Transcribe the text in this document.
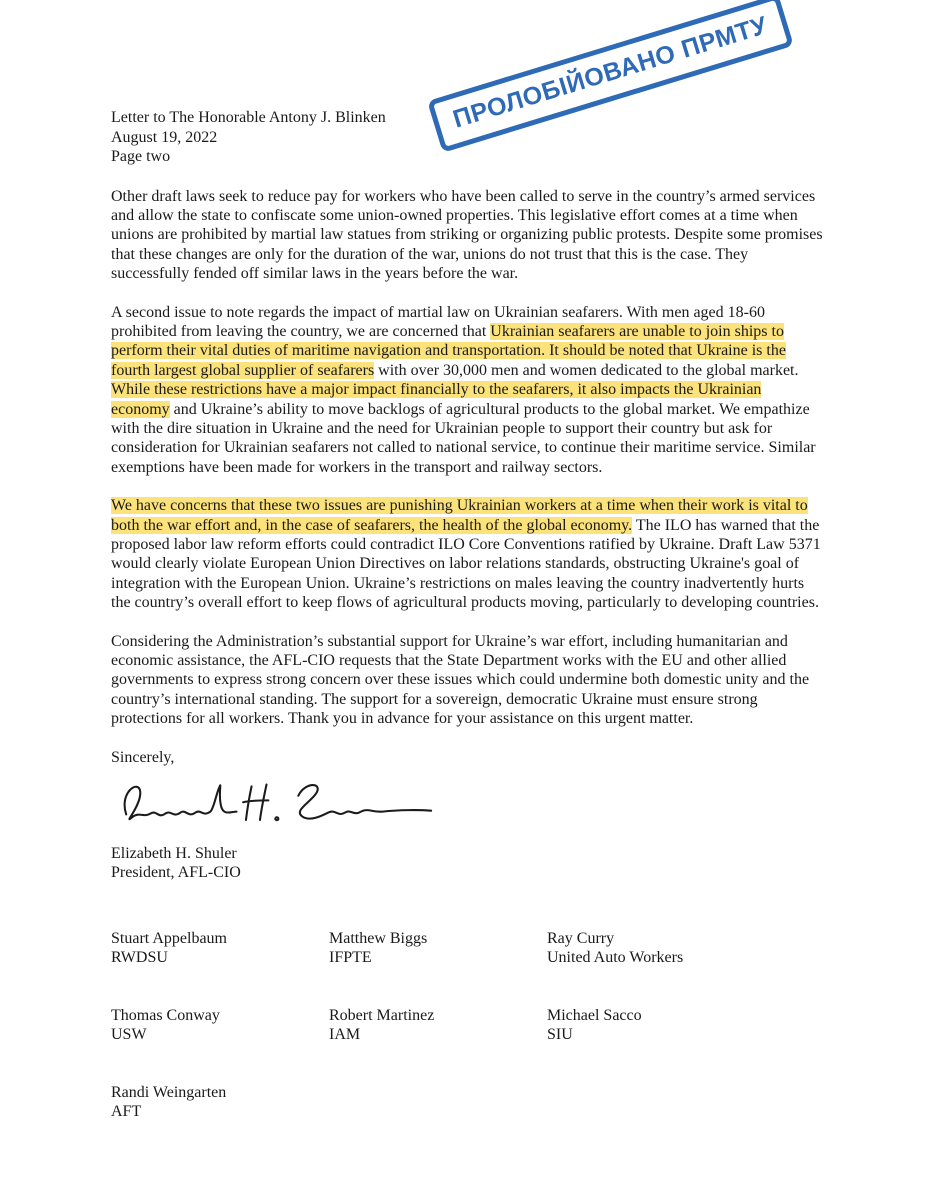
ПРОЛОБІЙОВАНО ПРМТУ
Letter to The Honorable Antony J. Blinken
August 19, 2022
Page two

Other draft laws seek to reduce pay for workers who have been called to serve in the country’s armed services and allow the state to confiscate some union-owned properties. This legislative effort comes at a time when unions are prohibited by martial law statues from striking or organizing public protests. Despite some promises that these changes are only for the duration of the war, unions do not trust that this is the case. They successfully fended off similar laws in the years before the war.

A second issue to note regards the impact of martial law on Ukrainian seafarers. With men aged 18-60 prohibited from leaving the country, we are concerned that Ukrainian seafarers are unable to join ships to perform their vital duties of maritime navigation and transportation. It should be noted that Ukraine is the fourth largest global supplier of seafarers with over 30,000 men and women dedicated to the global market. While these restrictions have a major impact financially to the seafarers, it also impacts the Ukrainian economy and Ukraine’s ability to move backlogs of agricultural products to the global market. We empathize with the dire situation in Ukraine and the need for Ukrainian people to support their country but ask for consideration for Ukrainian seafarers not called to national service, to continue their maritime service. Similar exemptions have been made for workers in the transport and railway sectors.

We have concerns that these two issues are punishing Ukrainian workers at a time when their work is vital to both the war effort and, in the case of seafarers, the health of the global economy. The ILO has warned that the proposed labor law reform efforts could contradict ILO Core Conventions ratified by Ukraine. Draft Law 5371 would clearly violate European Union Directives on labor relations standards, obstructing Ukraine's goal of integration with the European Union. Ukraine’s restrictions on males leaving the country inadvertently hurts the country’s overall effort to keep flows of agricultural products moving, particularly to developing countries.

Considering the Administration’s substantial support for Ukraine’s war effort, including humanitarian and economic assistance, the AFL-CIO requests that the State Department works with the EU and other allied governments to express strong concern over these issues which could undermine both domestic unity and the country’s international standing. The support for a sovereign, democratic Ukraine must ensure strong protections for all workers. Thank you in advance for your assistance on this urgent matter.

Sincerely,
Elizabeth H. Shuler
President, AFL-CIO
Stuart Appelbaum
RWDSU
Matthew Biggs
IFPTE
Ray Curry
United Auto Workers
Thomas Conway
USW
Robert Martinez
IAM
Michael Sacco
SIU
Randi Weingarten
AFT
